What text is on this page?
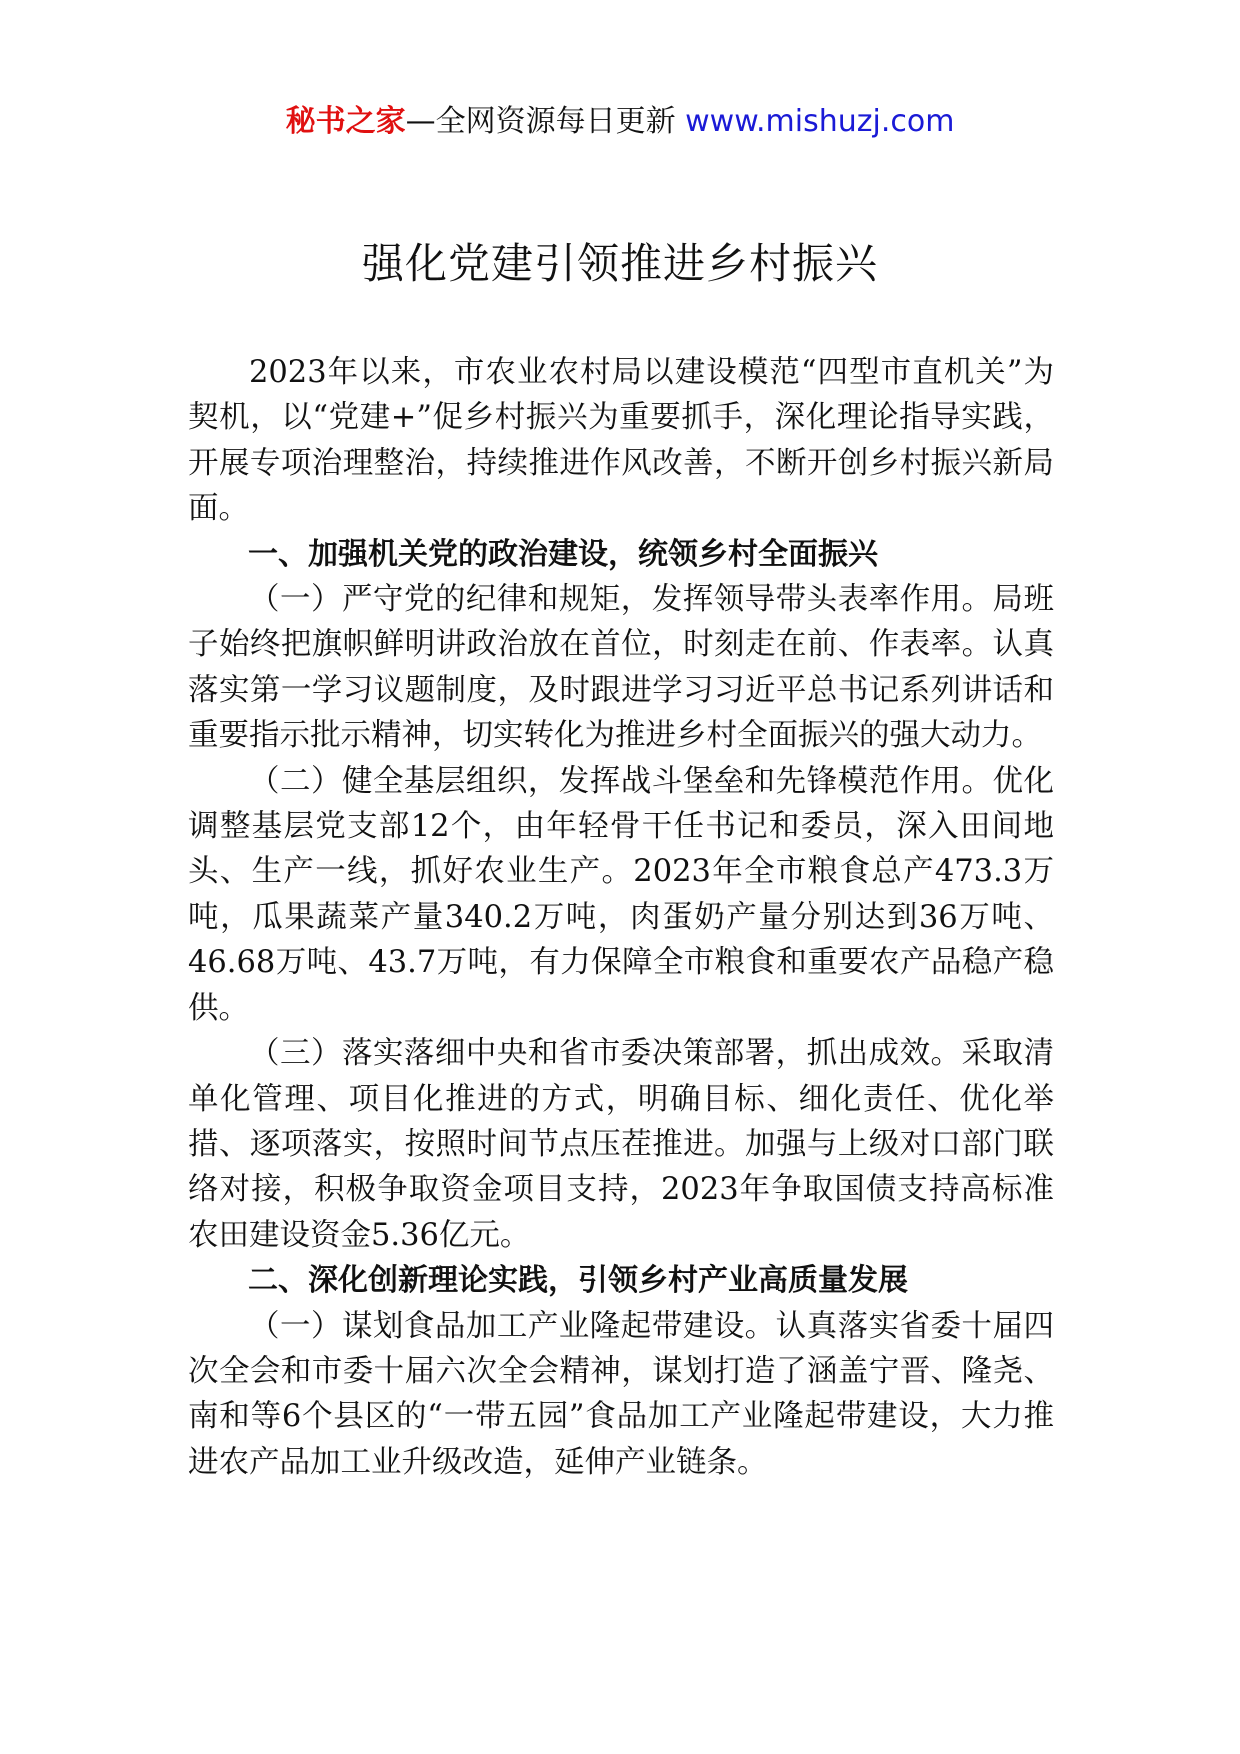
秘书之家—全网资源每日更新 www.mishuzj.com
强化党建引领推进乡村振兴

2023年以来，市农业农村局以建设模范“四型市直机关”为契机，以“党建+”促乡村振兴为重要抓手，深化理论指导实践，开展专项治理整治，持续推进作风改善，不断开创乡村振兴新局面。

一、加强机关党的政治建设，统领乡村全面振兴

（一）严守党的纪律和规矩，发挥领导带头表率作用。局班子始终把旗帜鲜明讲政治放在首位，时刻走在前、作表率。认真落实第一学习议题制度，及时跟进学习习近平总书记系列讲话和重要指示批示精神，切实转化为推进乡村全面振兴的强大动力。

（二）健全基层组织，发挥战斗堡垒和先锋模范作用。优化调整基层党支部12个，由年轻骨干任书记和委员，深入田间地头、生产一线，抓好农业生产。2023年全市粮食总产473.3万吨，瓜果蔬菜产量340.2万吨，肉蛋奶产量分别达到36万吨、46.68万吨、43.7万吨，有力保障全市粮食和重要农产品稳产稳供。

（三）落实落细中央和省市委决策部署，抓出成效。采取清单化管理、项目化推进的方式，明确目标、细化责任、优化举措、逐项落实，按照时间节点压茬推进。加强与上级对口部门联络对接，积极争取资金项目支持，2023年争取国债支持高标准农田建设资金5.36亿元。

二、深化创新理论实践，引领乡村产业高质量发展

（一）谋划食品加工产业隆起带建设。认真落实省委十届四次全会和市委十届六次全会精神，谋划打造了涵盖宁晋、隆尧、南和等6个县区的“一带五园”食品加工产业隆起带建设，大力推进农产品加工业升级改造，延伸产业链条。
